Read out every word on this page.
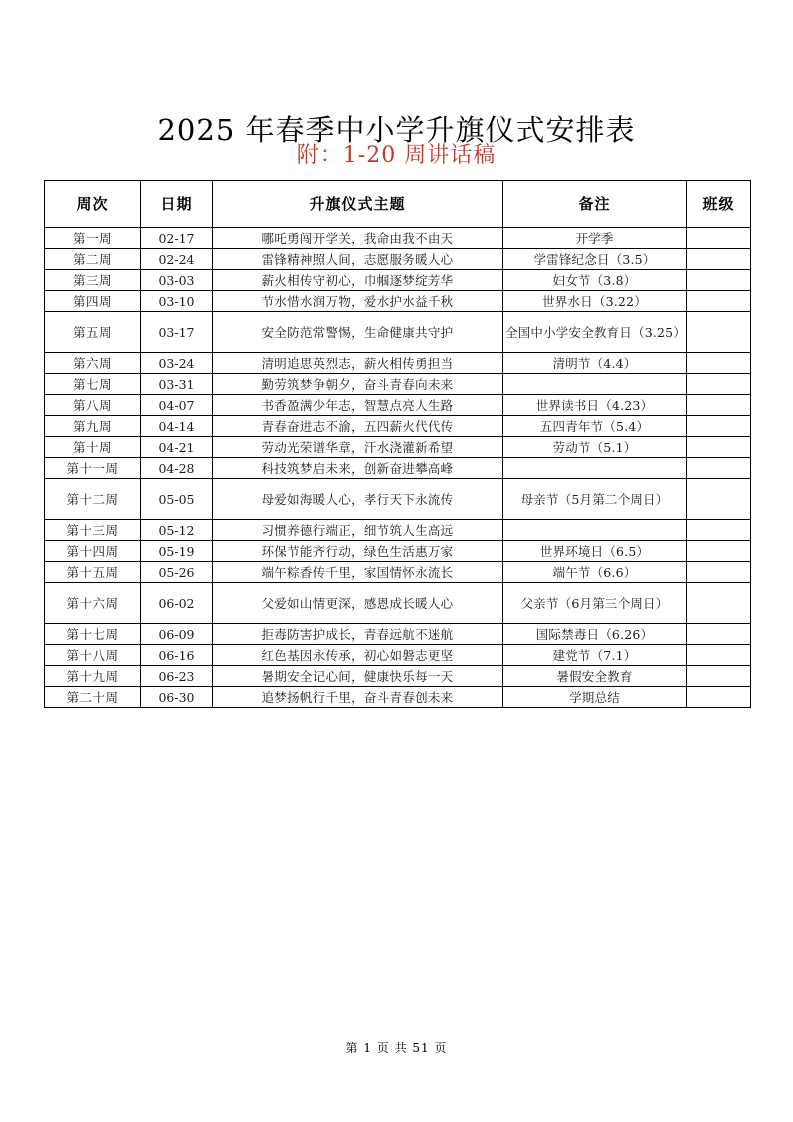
2025 年春季中小学升旗仪式安排表
附：1-20 周讲话稿
周次	日期	升旗仪式主题	备注	班级
第一周	02-17	哪吒勇闯开学关，我命由我不由天	开学季	
第二周	02-24	雷锋精神照人间，志愿服务暖人心	学雷锋纪念日（3.5）	
第三周	03-03	薪火相传守初心，巾帼逐梦绽芳华	妇女节（3.8）	
第四周	03-10	节水惜水润万物，爱水护水益千秋	世界水日（3.22）	
第五周	03-17	安全防范常警惕，生命健康共守护	全国中小学安全教育日（3.25）	
第六周	03-24	清明追思英烈志，薪火相传勇担当	清明节（4.4）	
第七周	03-31	勤劳筑梦争朝夕，奋斗青春向未来		
第八周	04-07	书香盈满少年志，智慧点亮人生路	世界读书日（4.23）	
第九周	04-14	青春奋进志不渝，五四薪火代代传	五四青年节（5.4）	
第十周	04-21	劳动光荣谱华章，汗水浇灌新希望	劳动节（5.1）	
第十一周	04-28	科技筑梦启未来，创新奋进攀高峰		
第十二周	05-05	母爱如海暖人心，孝行天下永流传	母亲节（5月第二个周日）	
第十三周	05-12	习惯养德行端正，细节筑人生高远		
第十四周	05-19	环保节能齐行动，绿色生活惠万家	世界环境日（6.5）	
第十五周	05-26	端午粽香传千里，家国情怀永流长	端午节（6.6）	
第十六周	06-02	父爱如山情更深，感恩成长暖人心	父亲节（6月第三个周日）	
第十七周	06-09	拒毒防害护成长，青春远航不迷航	国际禁毒日（6.26）	
第十八周	06-16	红色基因永传承，初心如磐志更坚	建党节（7.1）	
第十九周	06-23	暑期安全记心间，健康快乐每一天	暑假安全教育	
第二十周	06-30	追梦扬帆行千里，奋斗青春创未来	学期总结	
第 1 页 共 51 页
